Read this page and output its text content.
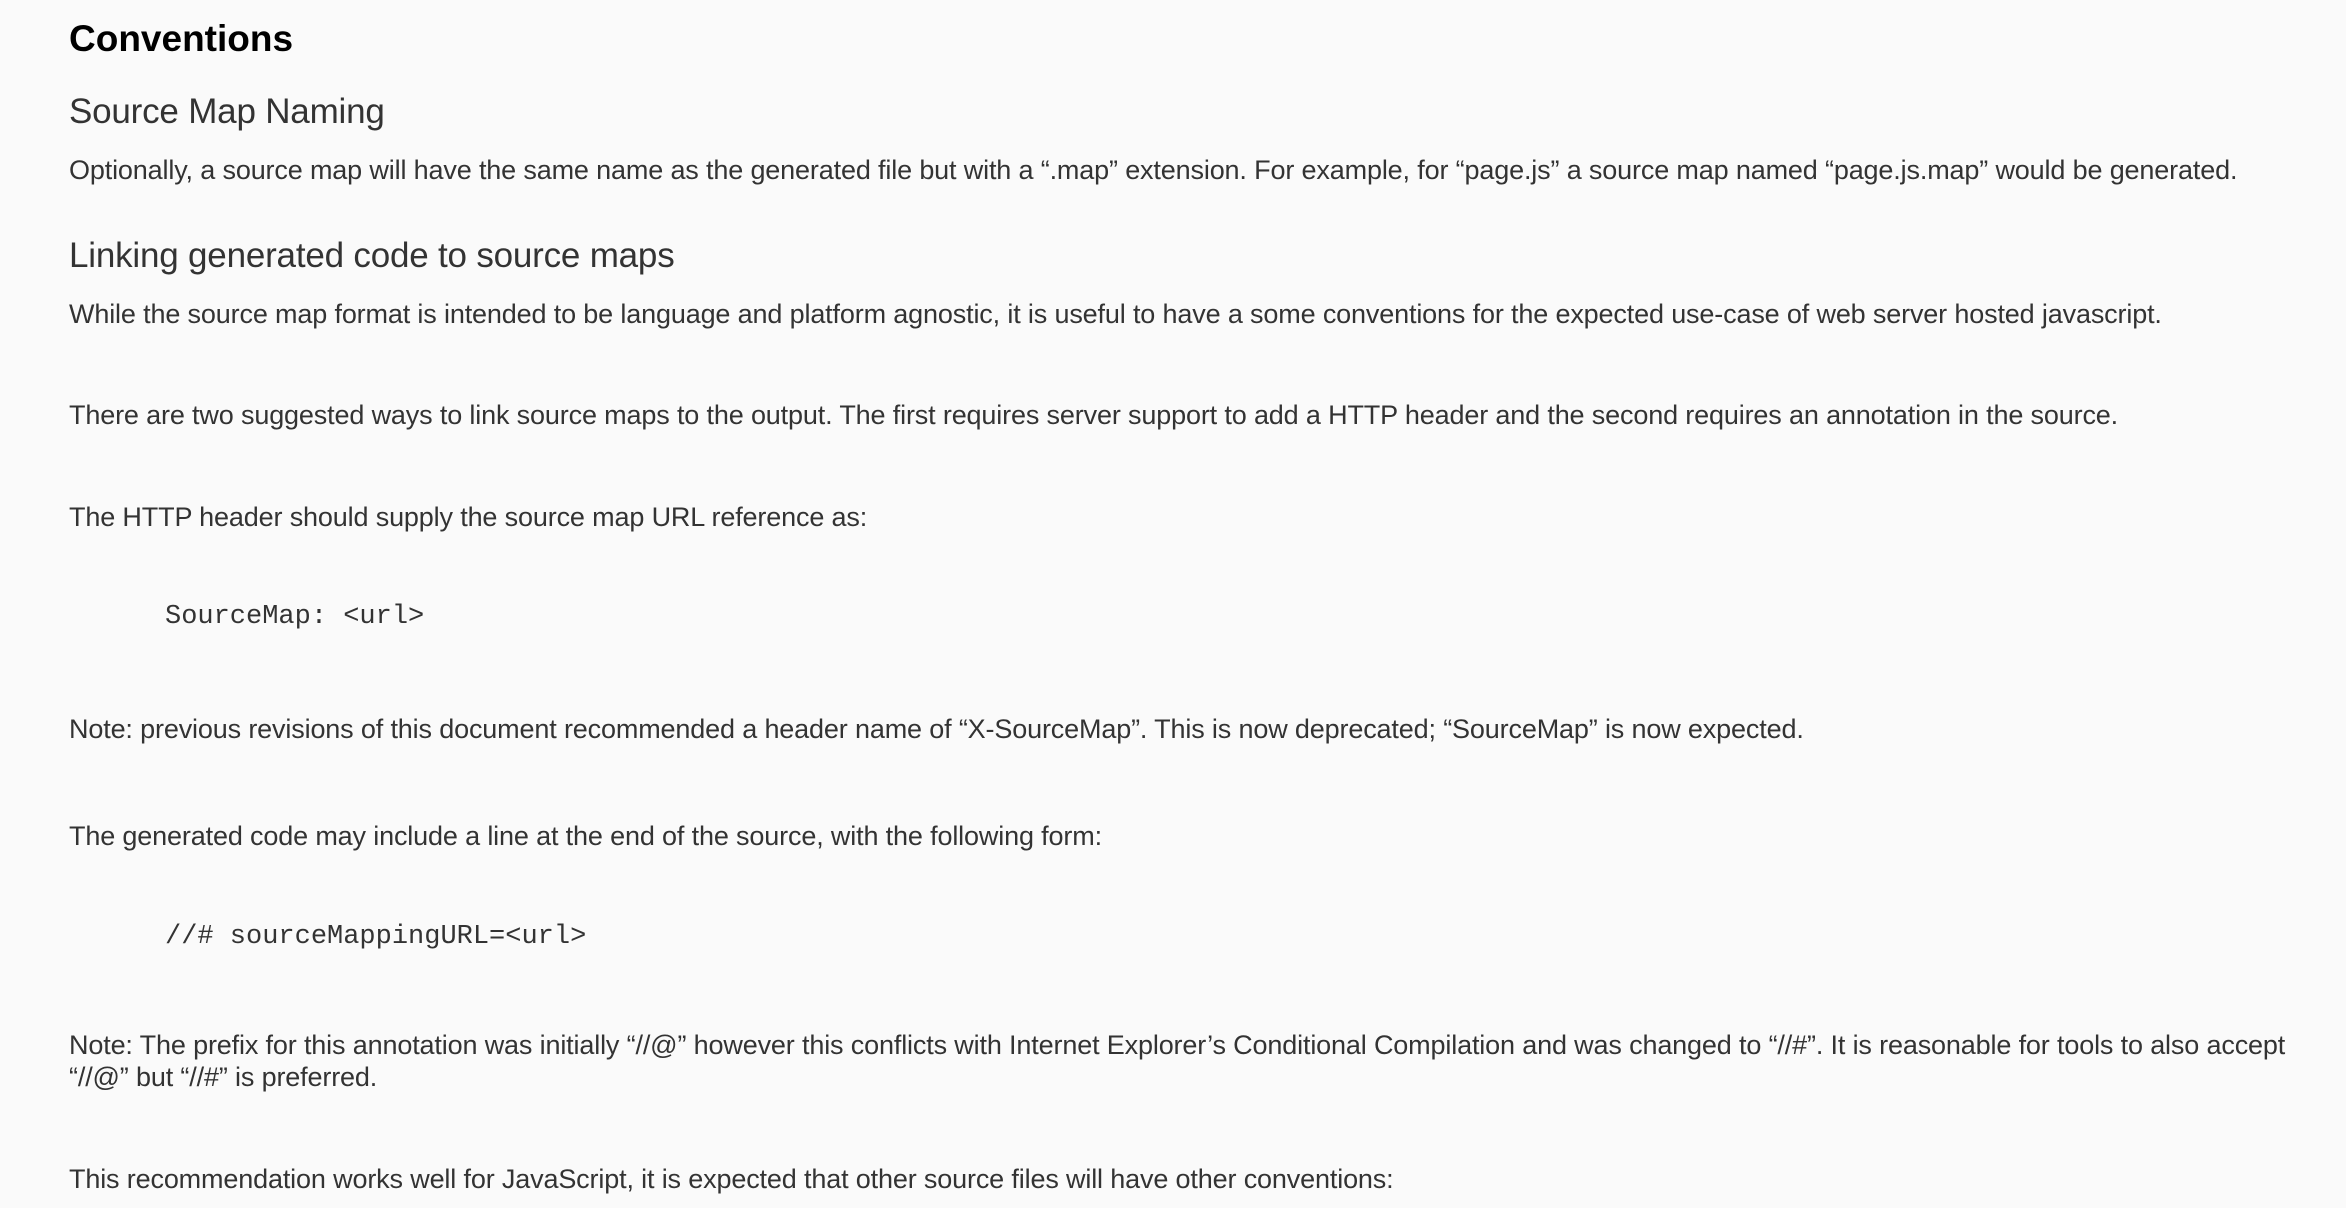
Conventions
Source Map Naming

Optionally, a source map will have the same name as the generated file but with a “.map” extension. For example, for “page.js” a source map named “page.js.map” would be generated.

Linking generated code to source maps

While the source map format is intended to be language and platform agnostic, it is useful to have a some conventions for the expected use-case of web server hosted javascript.

There are two suggested ways to link source maps to the output. The first requires server support to add a HTTP header and the second requires an annotation in the source.

The HTTP header should supply the source map URL reference as:

SourceMap: <url>

Note: previous revisions of this document recommended a header name of “X-SourceMap”. This is now deprecated; “SourceMap” is now expected.

The generated code may include a line at the end of the source, with the following form:

//# sourceMappingURL=<url>

Note: The prefix for this annotation was initially “//@” however this conflicts with Internet Explorer’s Conditional Compilation and was changed to “//#”. It is reasonable for tools to also accept “//@” but “//#” is preferred.

This recommendation works well for JavaScript, it is expected that other source files will have other conventions:
